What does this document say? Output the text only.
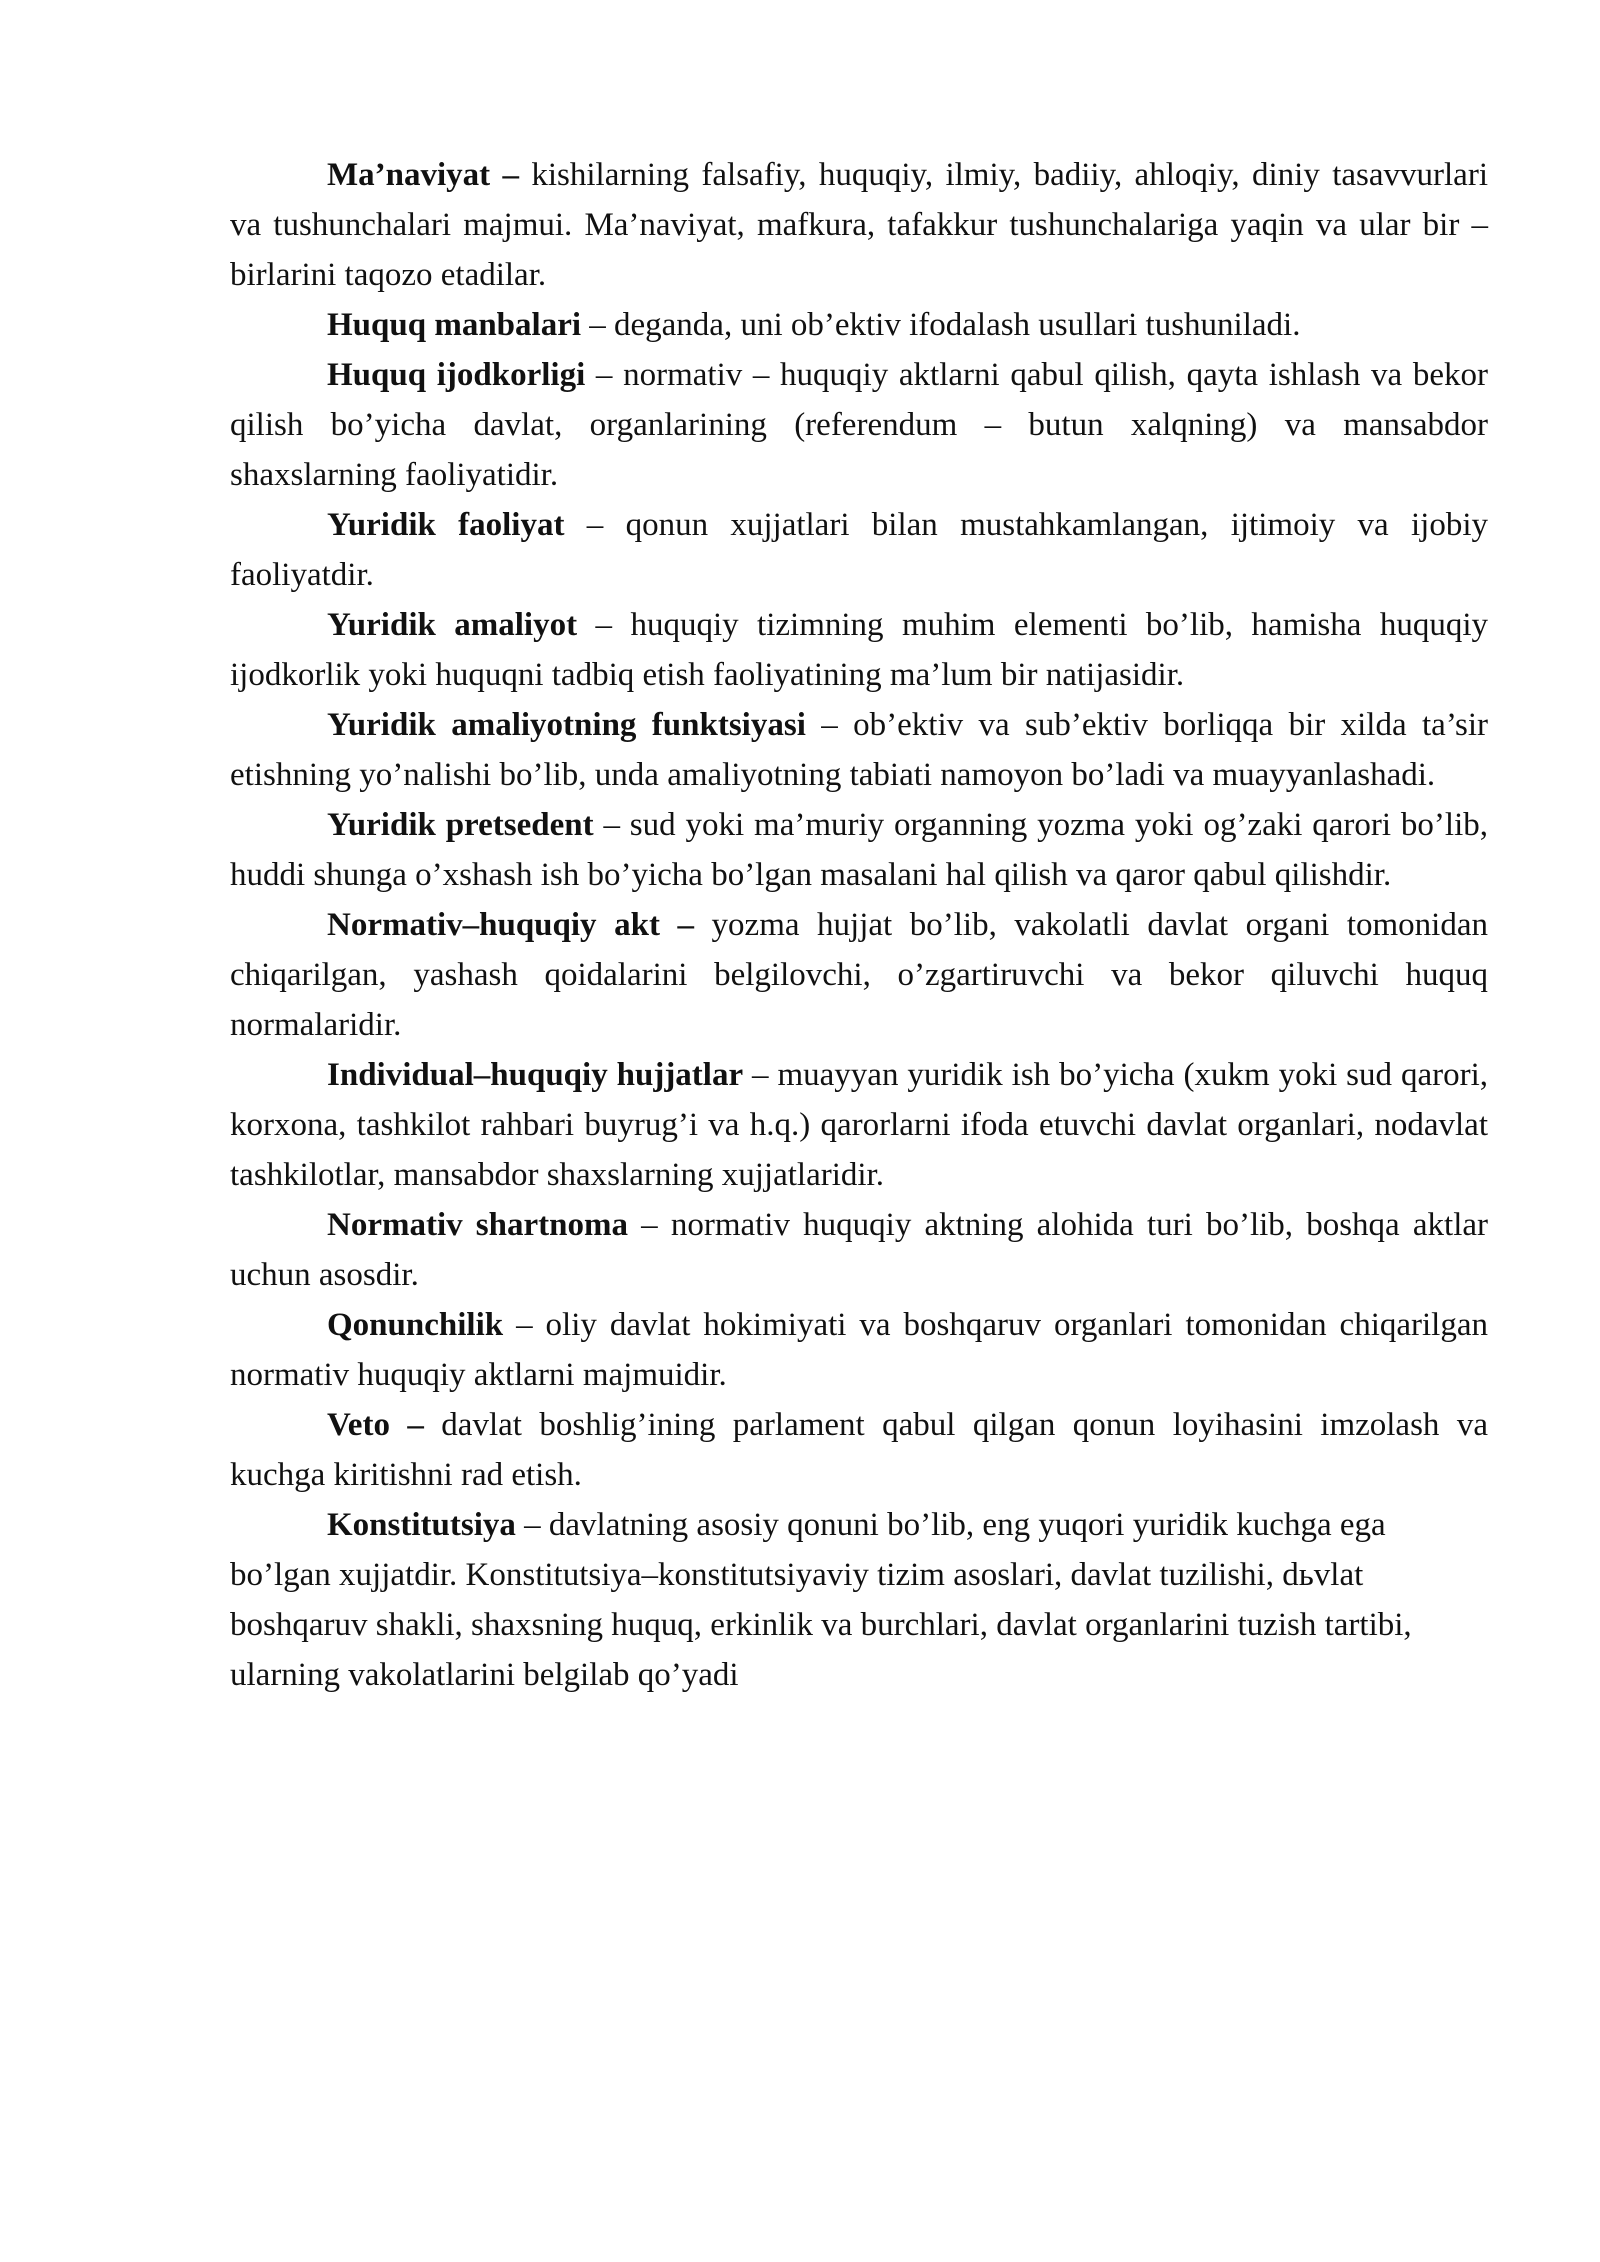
Ma’naviyat – kishilarning falsafiy, huquqiy, ilmiy, badiiy, ahloqiy, diniy tasavvurlari va tushunchalari majmui. Ma’naviyat, mafkura, tafakkur tushunchalariga yaqin va ular bir – birlarini taqozo etadilar.

Huquq manbalari – deganda, uni ob’ektiv ifodalash usullari tushuniladi.

Huquq ijodkorligi – normativ – huquqiy aktlarni qabul qilish, qayta ishlash va bekor qilish bo’yicha davlat, organlarining (referendum – butun xalqning) va mansabdor shaxslarning faoliyatidir.

Yuridik faoliyat – qonun xujjatlari bilan mustahkamlangan, ijtimoiy va ijobiy faoliyatdir.

Yuridik amaliyot – huquqiy tizimning muhim elementi bo’lib, hamisha huquqiy ijodkorlik yoki huquqni tadbiq etish faoliyatining ma’lum bir natijasidir.

Yuridik amaliyotning funktsiyasi – ob’ektiv va sub’ektiv borliqqa bir xilda ta’sir etishning yo’nalishi bo’lib, unda amaliyotning tabiati namoyon bo’ladi va muayyanlashadi.

Yuridik pretsedent – sud yoki ma’muriy organning yozma yoki og’zaki qarori bo’lib, huddi shunga o’xshash ish bo’yicha bo’lgan masalani hal qilish va qaror qabul qilishdir.

Normativ–huquqiy akt – yozma hujjat bo’lib, vakolatli davlat organi tomonidan chiqarilgan, yashash qoidalarini belgilovchi, o’zgartiruvchi va bekor qiluvchi huquq normalaridir.

Individual–huquqiy hujjatlar – muayyan yuridik ish bo’yicha (xukm yoki sud qarori, korxona, tashkilot rahbari buyrug’i va h.q.) qarorlarni ifoda etuvchi davlat organlari, nodavlat tashkilotlar, mansabdor shaxslarning xujjatlaridir.

Normativ shartnoma – normativ huquqiy aktning alohida turi bo’lib, boshqa aktlar uchun asosdir.

Qonunchilik – oliy davlat hokimiyati va boshqaruv organlari tomonidan chiqarilgan normativ huquqiy aktlarni majmuidir.

Veto – davlat boshlig’ining parlament qabul qilgan qonun loyihasini imzolash va kuchga kiritishni rad etish.

Konstitutsiya – davlatning asosiy qonuni bo’lib, eng yuqori yuridik kuchga ega bo’lgan xujjatdir. Konstitutsiya–konstitutsiyaviy tizim asoslari, davlat tuzilishi, dьvlat boshqaruv shakli, shaxsning huquq, erkinlik va burchlari, davlat organlarini tuzish tartibi, ularning vakolatlarini belgilab qo’yadi
